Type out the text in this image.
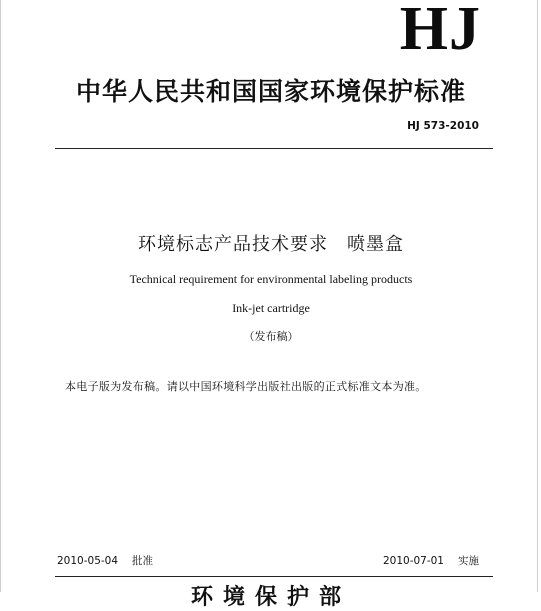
HJ
中华人民共和国国家环境保护标准
HJ 573-2010
环境标志产品技术要求　喷墨盒
Technical requirement for environmental labeling products
Ink-jet cartridge
（发布稿）
本电子版为发布稿。请以中国环境科学出版社出版的正式标准文本为准。
2010-05-04 批准	2010-07-01 实施
环境保护部
